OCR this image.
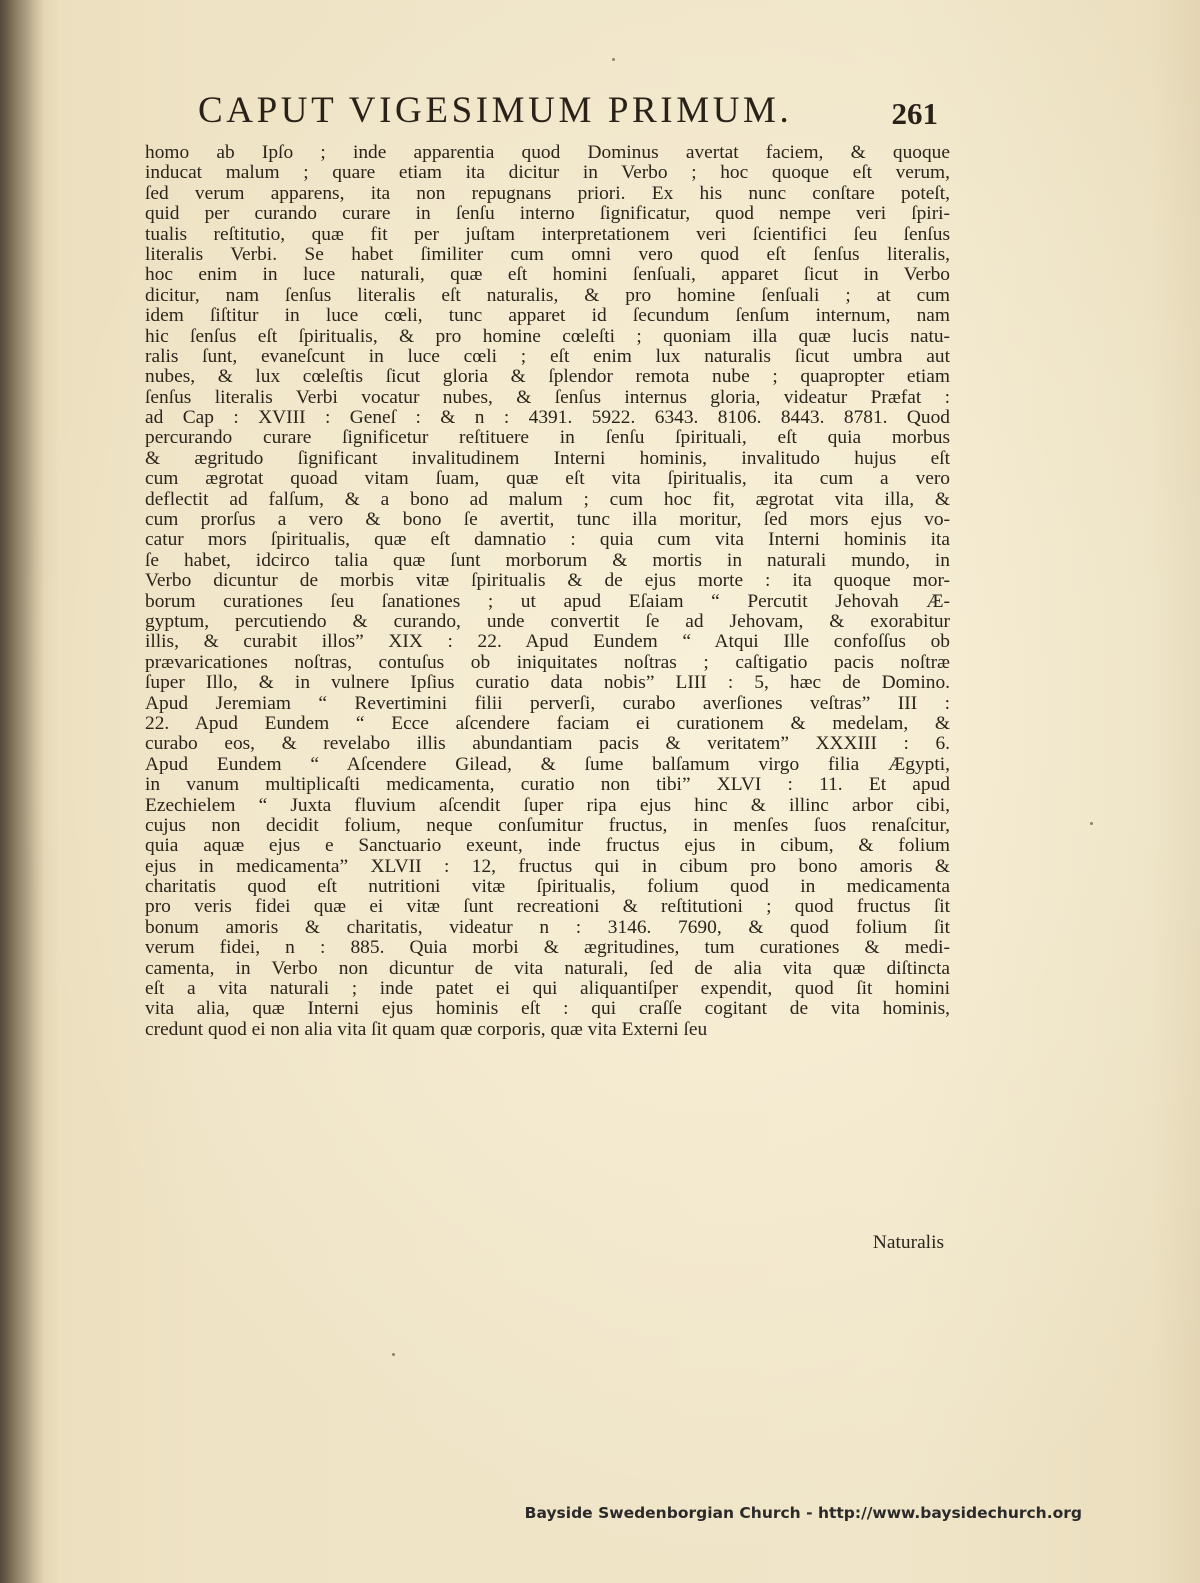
CAPUT VIGESIMUM PRIMUM.	261
homo ab Ipſo ; inde apparentia quod Dominus avertat faciem, & quoque
inducat malum ; quare etiam ita dicitur in Verbo ; hoc quoque eſt verum,
ſed verum apparens, ita non repugnans priori. Ex his nunc conſtare poteſt,
quid per curando curare in ſenſu interno ſignificatur, quod nempe veri ſpiri-
tualis reſtitutio, quæ fit per juſtam interpretationem veri ſcientifici ſeu ſenſus
literalis Verbi. Se habet ſimiliter cum omni vero quod eſt ſenſus literalis,
hoc enim in luce naturali, quæ eſt homini ſenſuali, apparet ſicut in Verbo
dicitur, nam ſenſus literalis eſt naturalis, & pro homine ſenſuali ; at cum
idem ſiſtitur in luce cœli, tunc apparet id ſecundum ſenſum internum, nam
hic ſenſus eſt ſpiritualis, & pro homine cœleſti ; quoniam illa quæ lucis natu-
ralis ſunt, evaneſcunt in luce cœli ; eſt enim lux naturalis ſicut umbra aut
nubes, & lux cœleſtis ſicut gloria & ſplendor remota nube ; quapropter etiam
ſenſus literalis Verbi vocatur nubes, & ſenſus internus gloria, videatur Præfat :
ad Cap : XVIII : Geneſ : & n : 4391. 5922. 6343. 8106. 8443. 8781. Quod
percurando curare ſignificetur reſtituere in ſenſu ſpirituali, eſt quia morbus
& ægritudo ſignificant invalitudinem Interni hominis, invalitudo hujus eſt
cum ægrotat quoad vitam ſuam, quæ eſt vita ſpiritualis, ita cum a vero
deflectit ad falſum, & a bono ad malum ; cum hoc fit, ægrotat vita illa, &
cum prorſus a vero & bono ſe avertit, tunc illa moritur, ſed mors ejus vo-
catur mors ſpiritualis, quæ eſt damnatio : quia cum vita Interni hominis ita
ſe habet, idcirco talia quæ ſunt morborum & mortis in naturali mundo, in
Verbo dicuntur de morbis vitæ ſpiritualis & de ejus morte : ita quoque mor-
borum curationes ſeu ſanationes ; ut apud Eſaiam “ Percutit Jehovah Æ-
gyptum, percutiendo & curando, unde convertit ſe ad Jehovam, & exorabitur
illis, & curabit illos” XIX : 22. Apud Eundem “ Atqui Ille confoſſus ob
prævaricationes noſtras, contuſus ob iniquitates noſtras ; caſtigatio pacis noſtræ
ſuper Illo, & in vulnere Ipſius curatio data nobis” LIII : 5, hæc de Domino.
Apud Jeremiam “ Revertimini filii perverſi, curabo averſiones veſtras” III :
22. Apud Eundem “ Ecce aſcendere faciam ei curationem & medelam, &
curabo eos, & revelabo illis abundantiam pacis & veritatem” XXXIII : 6.
Apud Eundem “ Aſcendere Gilead, & ſume balſamum virgo filia Ægypti,
in vanum multiplicaſti medicamenta, curatio non tibi” XLVI : 11. Et apud
Ezechielem “ Juxta fluvium aſcendit ſuper ripa ejus hinc & illinc arbor cibi,
cujus non decidit folium, neque conſumitur fructus, in menſes ſuos renaſcitur,
quia aquæ ejus e Sanctuario exeunt, inde fructus ejus in cibum, & folium
ejus in medicamenta” XLVII : 12, fructus qui in cibum pro bono amoris &
charitatis quod eſt nutritioni vitæ ſpiritualis, folium quod in medicamenta
pro veris fidei quæ ei vitæ ſunt recreationi & reſtitutioni ; quod fructus ſit
bonum amoris & charitatis, videatur n : 3146. 7690, & quod folium ſit
verum fidei, n : 885. Quia morbi & ægritudines, tum curationes & medi-
camenta, in Verbo non dicuntur de vita naturali, ſed de alia vita quæ diſtincta
eſt a vita naturali ; inde patet ei qui aliquantiſper expendit, quod ſit homini
vita alia, quæ Interni ejus hominis eſt : qui craſſe cogitant de vita hominis,
credunt quod ei non alia vita ſit quam quæ corporis, quæ vita Externi ſeu
Naturalis
Bayside Swedenborgian Church - http://www.baysidechurch.org
